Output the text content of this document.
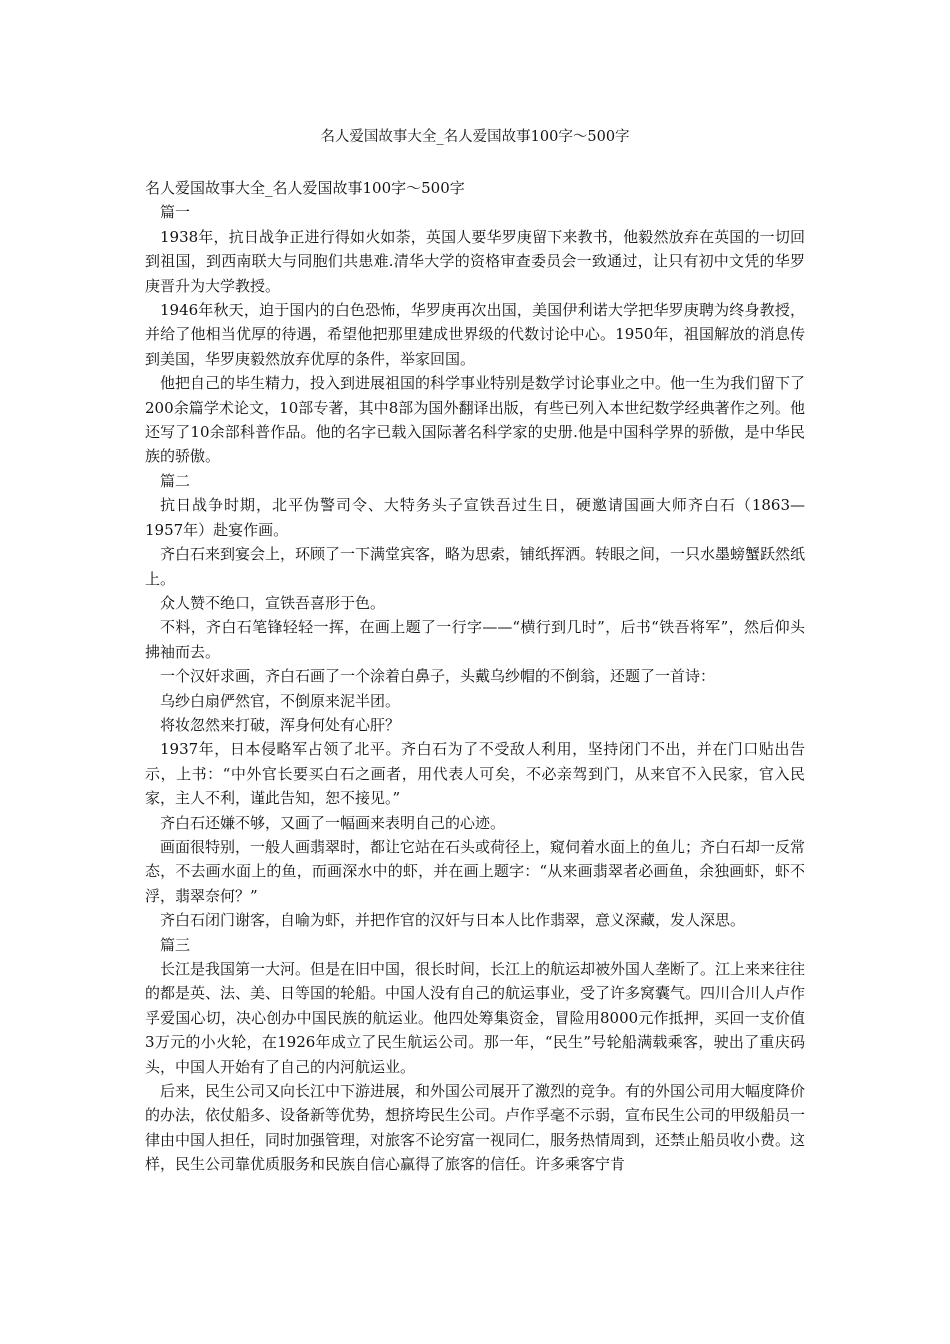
名人爱国故事大全_名人爱国故事100字～500字

名人爱国故事大全_名人爱国故事100字～500字

篇一

1938年，抗日战争正进行得如火如荼，英国人要华罗庚留下来教书，他毅然放弃在英国的一切回到祖国，到西南联大与同胞们共患难.清华大学的资格审查委员会一致通过，让只有初中文凭的华罗庚晋升为大学教授。

1946年秋天，迫于国内的白色恐怖，华罗庚再次出国，美国伊利诺大学把华罗庚聘为终身教授，并给了他相当优厚的待遇，希望他把那里建成世界级的代数讨论中心。1950年，祖国解放的消息传到美国，华罗庚毅然放弃优厚的条件，举家回国。

他把自己的毕生精力，投入到进展祖国的科学事业特别是数学讨论事业之中。他一生为我们留下了200余篇学术论文，10部专著，其中8部为国外翻译出版，有些已列入本世纪数学经典著作之列。他还写了10余部科普作品。他的名字已载入国际著名科学家的史册.他是中国科学界的骄傲，是中华民族的骄傲。

篇二

抗日战争时期，北平伪警司令、大特务头子宣铁吾过生日，硬邀请国画大师齐白石（1863—1957年）赴宴作画。

齐白石来到宴会上，环顾了一下满堂宾客，略为思索，铺纸挥洒。转眼之间，一只水墨螃蟹跃然纸上。

众人赞不绝口，宣铁吾喜形于色。

不料，齐白石笔锋轻轻一挥，在画上题了一行字——“横行到几时”，后书“铁吾将军”，然后仰头拂袖而去。

一个汉奸求画，齐白石画了一个涂着白鼻子，头戴乌纱帽的不倒翁，还题了一首诗：

乌纱白扇俨然官，不倒原来泥半团。

将妆忽然来打破，浑身何处有心肝？

1937年，日本侵略军占领了北平。齐白石为了不受敌人利用，坚持闭门不出，并在门口贴出告示，上书：“中外官长要买白石之画者，用代表人可矣，不必亲驾到门，从来官不入民家，官入民家，主人不利，谨此告知，恕不接见。”

齐白石还嫌不够，又画了一幅画来表明自己的心迹。

画面很特别，一般人画翡翠时，都让它站在石头或荷径上，窥伺着水面上的鱼儿；齐白石却一反常态，不去画水面上的鱼，而画深水中的虾，并在画上题字：“从来画翡翠者必画鱼，余独画虾，虾不浮，翡翠奈何？”

齐白石闭门谢客，自喻为虾，并把作官的汉奸与日本人比作翡翠，意义深藏，发人深思。

篇三

长江是我国第一大河。但是在旧中国，很长时间，长江上的航运却被外国人垄断了。江上来来往往的都是英、法、美、日等国的轮船。中国人没有自己的航运事业，受了许多窝囊气。四川合川人卢作孚爱国心切，决心创办中国民族的航运业。他四处筹集资金，冒险用8000元作抵押，买回一支价值3万元的小火轮，在1926年成立了民生航运公司。那一年，“民生”号轮船满载乘客，驶出了重庆码头，中国人开始有了自己的内河航运业。

后来，民生公司又向长江中下游进展，和外国公司展开了激烈的竞争。有的外国公司用大幅度降价的办法，依仗船多、设备新等优势，想挤垮民生公司。卢作孚毫不示弱，宣布民生公司的甲级船员一律由中国人担任，同时加强管理，对旅客不论穷富一视同仁，服务热情周到，还禁止船员收小费。这样，民生公司靠优质服务和民族自信心赢得了旅客的信任。许多乘客宁肯
